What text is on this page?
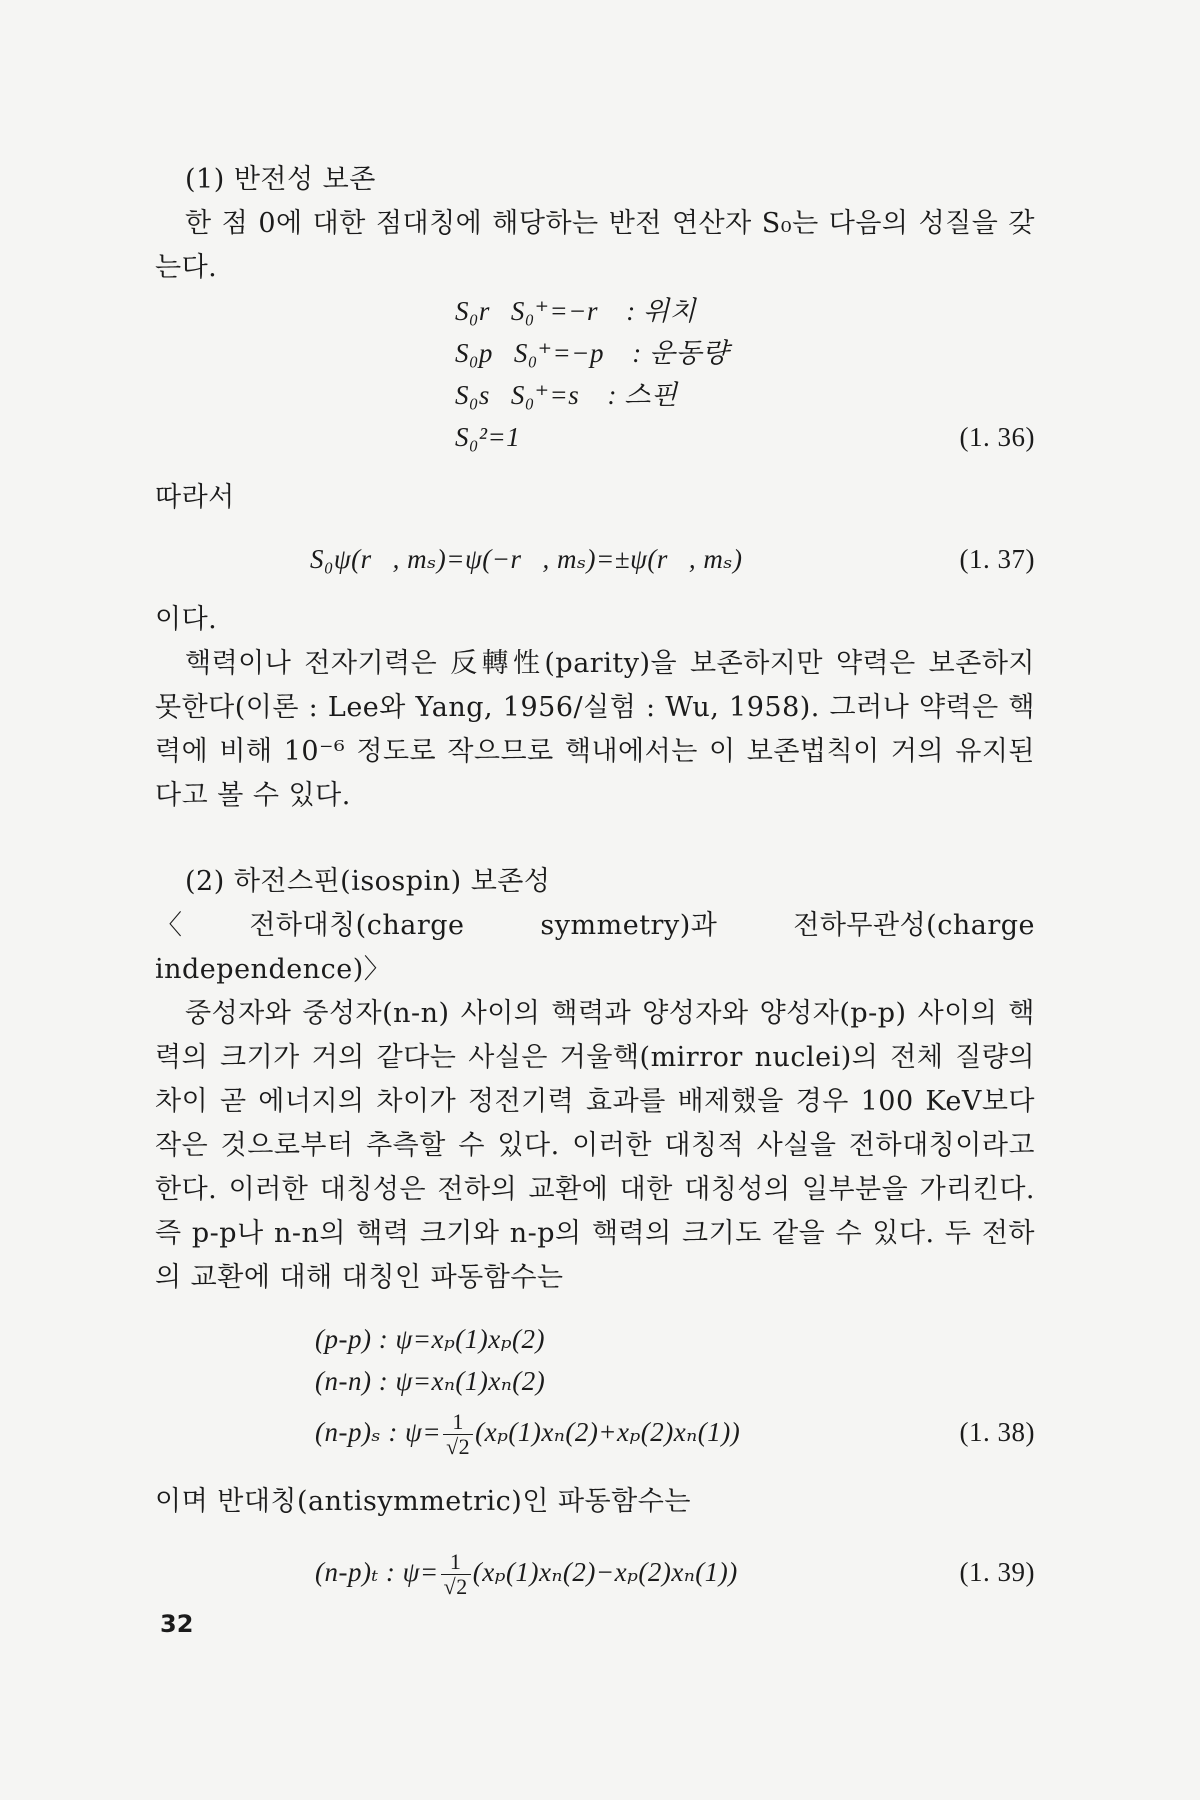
(1) 반전성 보존

한 점 0에 대한 점대칭에 해당하는 반전 연산자 S₀는 다음의 성질을 갖는다.

S₀r⃗S₀⁺=−r⃗ : 위치
S₀p⃗S₀⁺=−p⃗ : 운동량
S₀s⃗S₀⁺=s⃗ : 스핀
S₀²=1	(1. 36)

따라서

S₀ψ(r⃗, mₛ)=ψ(−r⃗, mₛ)=±ψ(r⃗, mₛ)	(1. 37)

이다.

핵력이나 전자기력은 反轉性(parity)을 보존하지만 약력은 보존하지 못한다(이론 : Lee와 Yang, 1956/실험 : Wu, 1958). 그러나 약력은 핵력에 비해 10⁻⁶ 정도로 작으므로 핵내에서는 이 보존법칙이 거의 유지된다고 볼 수 있다.

(2) 하전스핀(isospin) 보존성

〈전하대칭(charge symmetry)과 전하무관성(charge independence)〉

중성자와 중성자(n-n) 사이의 핵력과 양성자와 양성자(p-p) 사이의 핵력의 크기가 거의 같다는 사실은 거울핵(mirror nuclei)의 전체 질량의 차이 곧 에너지의 차이가 정전기력 효과를 배제했을 경우 100 KeV보다 작은 것으로부터 추측할 수 있다. 이러한 대칭적 사실을 전하대칭이라고 한다. 이러한 대칭성은 전하의 교환에 대한 대칭성의 일부분을 가리킨다. 즉 p-p나 n-n의 핵력 크기와 n-p의 핵력의 크기도 같을 수 있다. 두 전하의 교환에 대해 대칭인 파동함수는

(p-p) : ψ=xₚ(1)xₚ(2)
(n-n) : ψ=xₙ(1)xₙ(2)
(n-p)ₛ : $\psi= \frac{1}{√2} (x_p(1)x_n(2)+x_p(2)x_n(1))$	(1. 38)

이며 반대칭(antisymmetric)인 파동함수는

(n-p)ₜ : $\psi= \frac{1}{√2} (x_p(1)x_n(2)-x_p(2)x_n(1))$	(1. 39)
32
